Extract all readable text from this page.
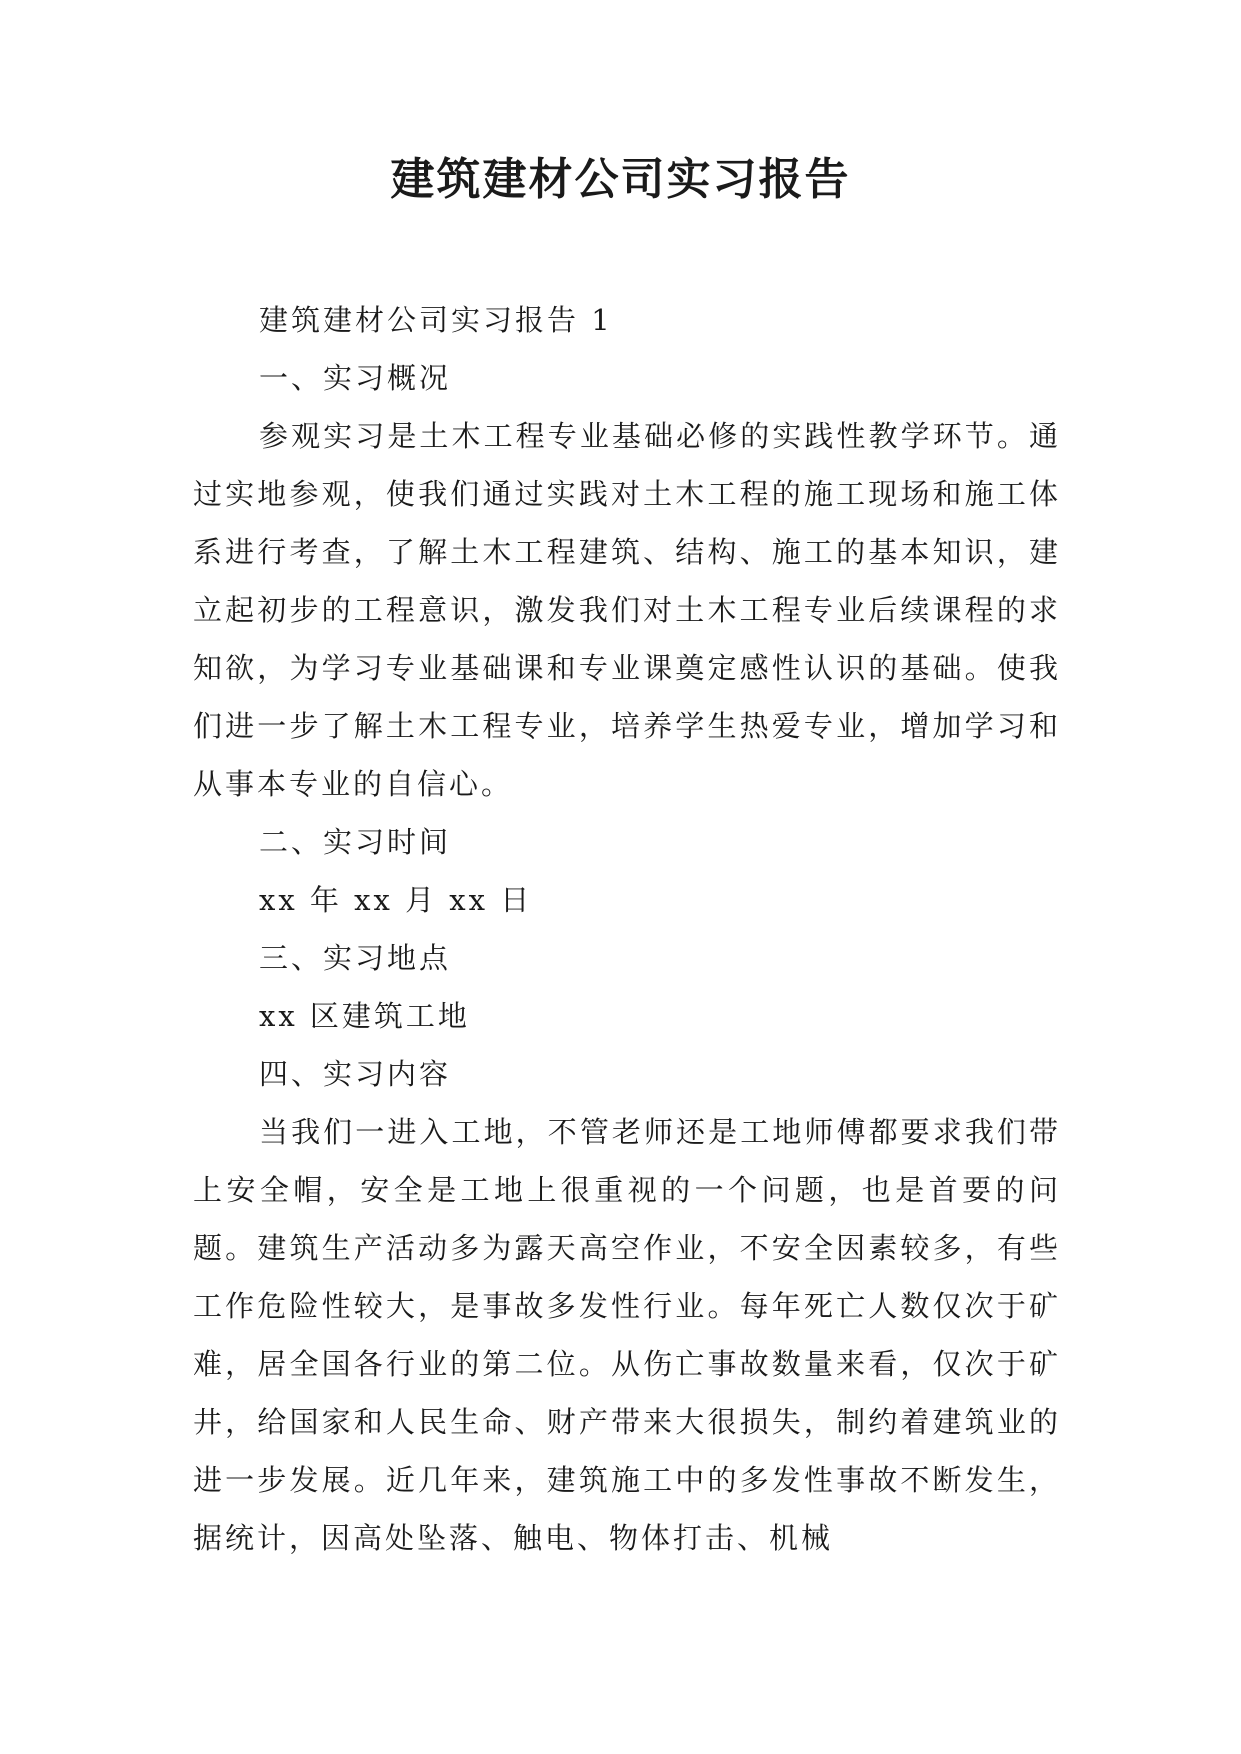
建筑建材公司实习报告

建筑建材公司实习报告 1

一、实习概况

参观实习是土木工程专业基础必修的实践性教学环节。通过实地参观，使我们通过实践对土木工程的施工现场和施工体系进行考查，了解土木工程建筑、结构、施工的基本知识，建立起初步的工程意识，激发我们对土木工程专业后续课程的求知欲，为学习专业基础课和专业课奠定感性认识的基础。使我们进一步了解土木工程专业，培养学生热爱专业，增加学习和从事本专业的自信心。

二、实习时间

xx 年 xx 月 xx 日

三、实习地点

xx 区建筑工地

四、实习内容

当我们一进入工地，不管老师还是工地师傅都要求我们带上安全帽，安全是工地上很重视的一个问题，也是首要的问题。建筑生产活动多为露天高空作业，不安全因素较多，有些工作危险性较大，是事故多发性行业。每年死亡人数仅次于矿难，居全国各行业的第二位。从伤亡事故数量来看，仅次于矿井，给国家和人民生命、财产带来大很损失，制约着建筑业的进一步发展。近几年来，建筑施工中的多发性事故不断发生，据统计，因高处坠落、触电、物体打击、机械
